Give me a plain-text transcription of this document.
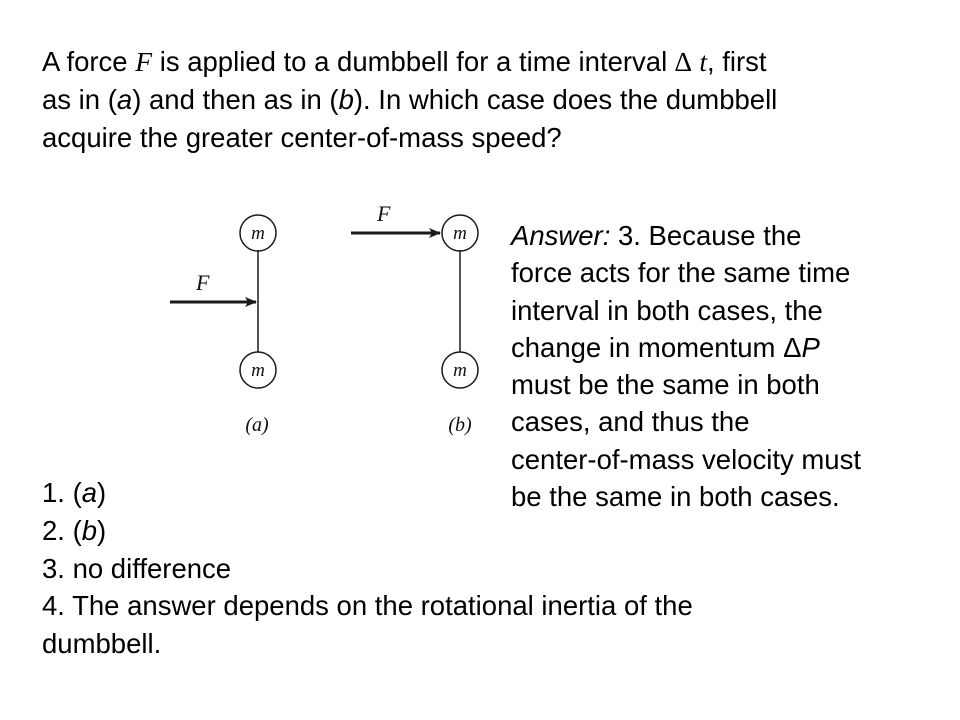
A force F is applied to a dumbbell for a time interval ∆ t, first
as in (a) and then as in (b). In which case does the dumbbell
acquire the greater center-of-mass speed?

m
m
F
(a)
m
m
F
(b)

Answer: 3. Because the
force acts for the same time
interval in both cases, the
change in momentum ΔP
must be the same in both
cases, and thus the
center-of-mass velocity must
be the same in both cases.

1. (a)
2. (b)
3. no difference
4. The answer depends on the rotational inertia of the
dumbbell.
